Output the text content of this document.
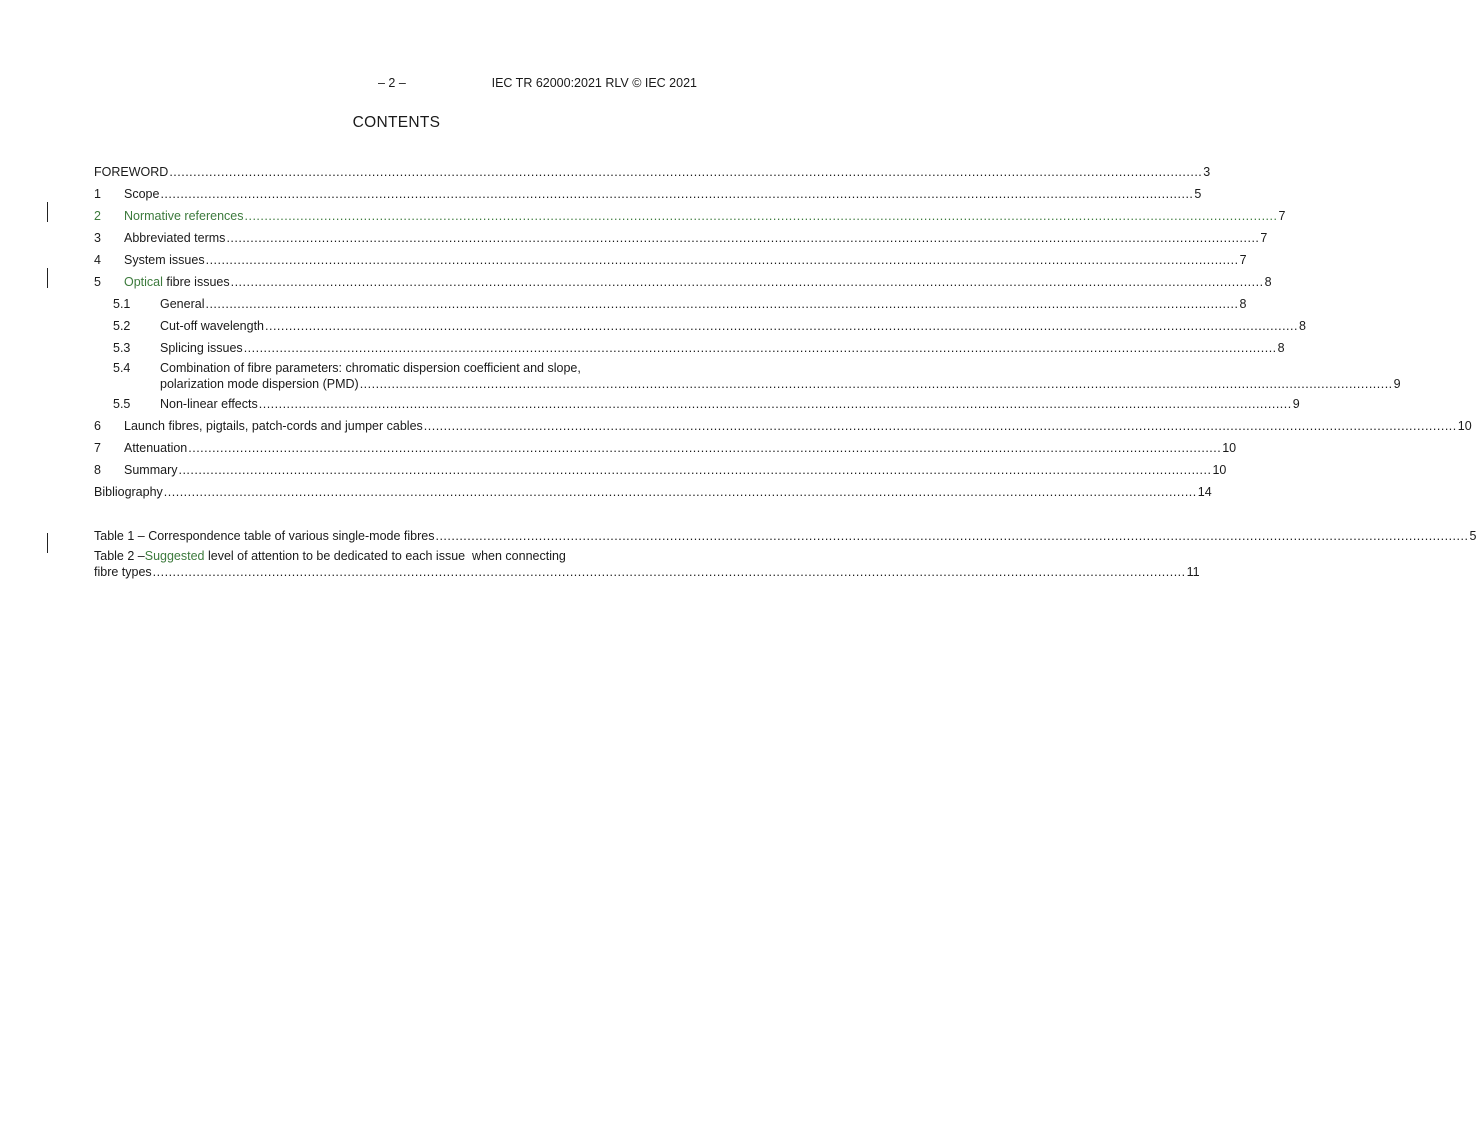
– 2 –	IEC TR 62000:2021 RLV © IEC 2021
CONTENTS
FOREWORD .....	3
1	Scope .....	5
2	Normative references .....	7
3	Abbreviated terms .....	7
4	System issues .....	7
5	Optical fibre issues .....	8
5.1	General .....	8
5.2	Cut-off wavelength .....	8
5.3	Splicing issues .....	8
5.4	Combination of fibre parameters: chromatic dispersion coefficient and slope,
polarization mode dispersion (PMD) .....	9
5.5	Non-linear effects .....	9
6	Launch fibres, pigtails, patch-cords and jumper cables .....	10
7	Attenuation .....	10
8	Summary .....	10
Bibliography .....	14
Table 1 – Correspondence table of various single-mode fibres .....	5
Table 2 – Suggested level of attention to be dedicated to each issue  when connecting
fibre types .....	11
